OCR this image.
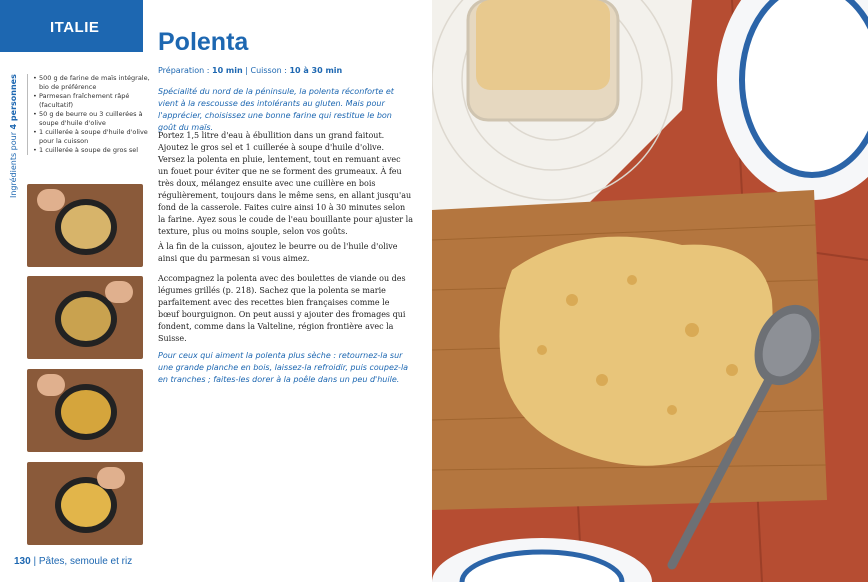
ITALIE
Polenta
Préparation : 10 min | Cuisson : 10 à 30 min
Spécialité du nord de la péninsule, la polenta réconforte et vient à la rescousse des intolérants au gluten. Mais pour l'apprécier, choisissez une bonne farine qui restitue le bon goût du maïs.
Ingrédients pour 4 personnes
•	500 g de farine de maïs intégrale, bio de préférence
• Parmesan fraîchement râpé (facultatif)
• 50 g de beurre ou 3 cuillerées à soupe d'huile d'olive
• 1 cuillerée à soupe d'huile d'olive pour la cuisson
• 1 cuillerée à soupe de gros sel
Portez 1,5 litre d'eau à ébullition dans un grand faitout. Ajoutez le gros sel et 1 cuillerée à soupe d'huile d'olive. Versez la polenta en pluie, lentement, tout en remuant avec un fouet pour éviter que ne se forment des grumeaux. À feu très doux, mélangez ensuite avec une cuillère en bois régulièrement, toujours dans le même sens, en allant jusqu'au fond de la casserole. Faites cuire ainsi 10 à 30 minutes selon la farine. Ayez sous le coude de l'eau bouillante pour ajuster la texture, plus ou moins souple, selon vos goûts.
À la fin de la cuisson, ajoutez le beurre ou de l'huile d'olive ainsi que du parmesan si vous aimez.
Accompagnez la polenta avec des boulettes de viande ou des légumes grillés (p. 218). Sachez que la polenta se marie parfaitement avec des recettes bien françaises comme le bœuf bourguignon. On peut aussi y ajouter des fromages qui fondent, comme dans la Valteline, région frontière avec la Suisse.
Pour ceux qui aiment la polenta plus sèche : retournez-la sur une grande planche en bois, laissez-la refroidir, puis coupez-la en tranches ; faites-les dorer à la poêle dans un peu d'huile.
130 | Pâtes, semoule et riz
